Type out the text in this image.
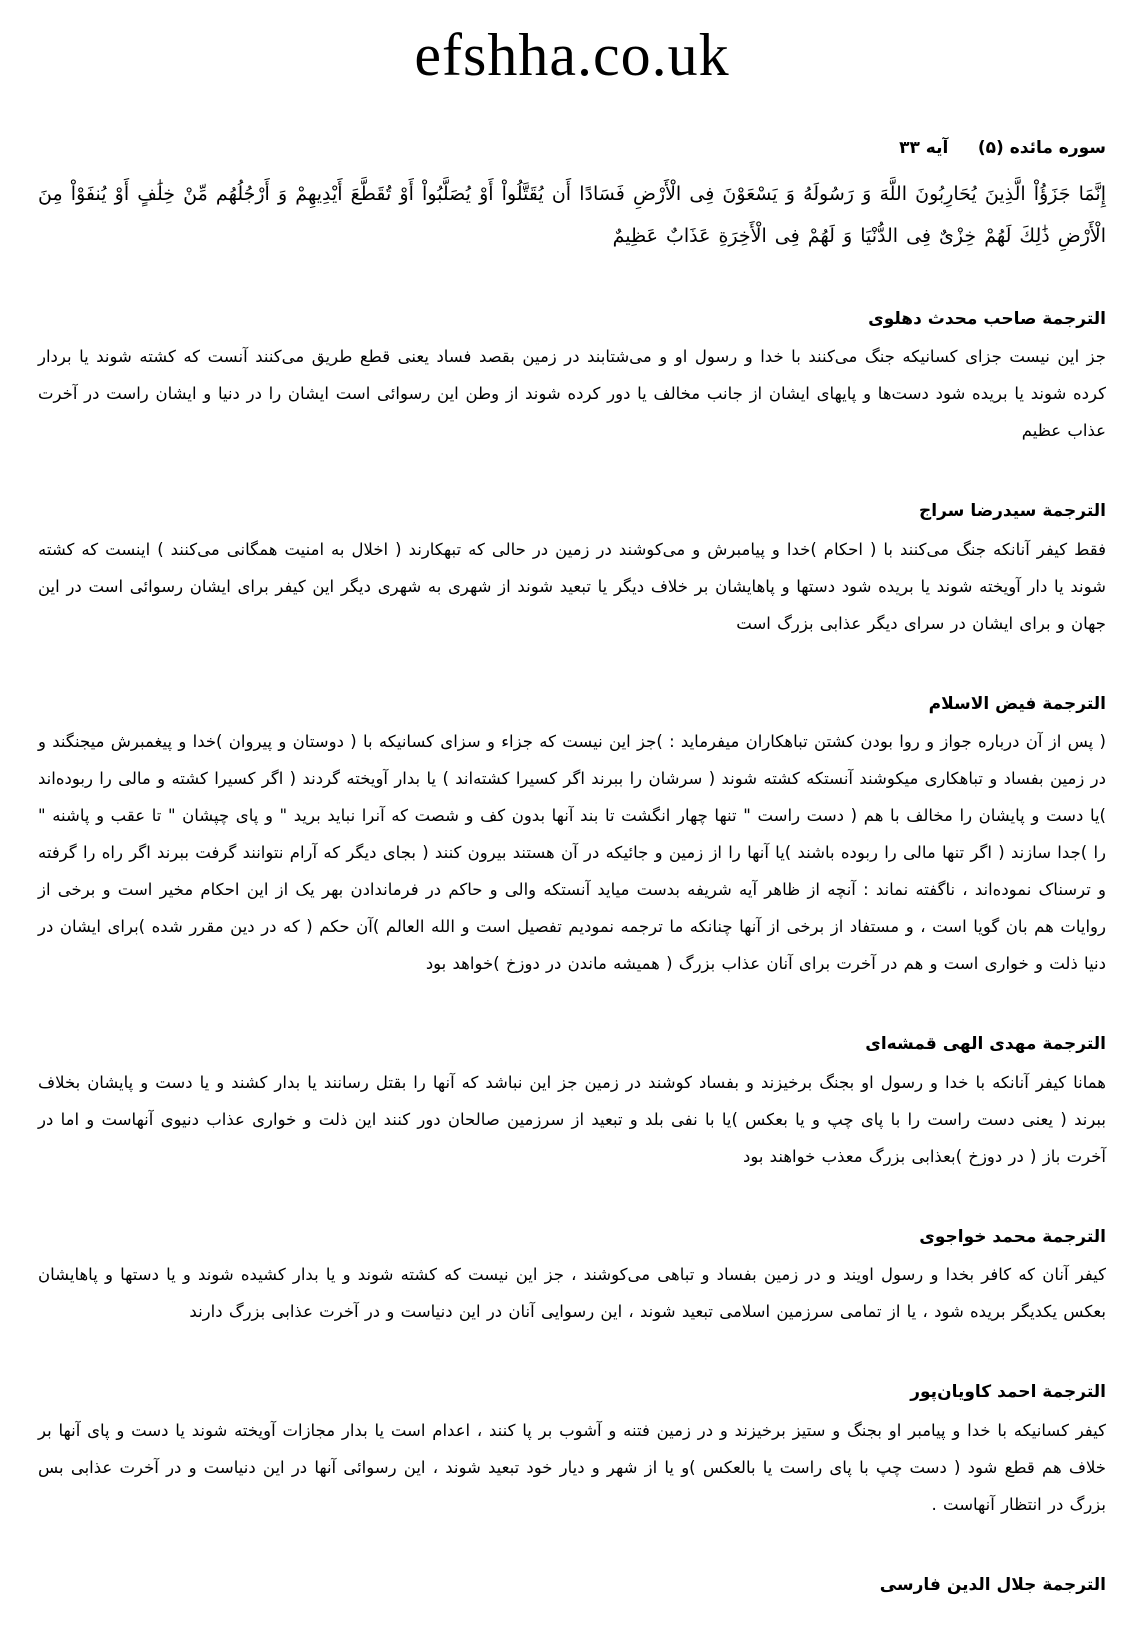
efshha.co.uk
سوره مائده (۵)     آیه ۳۳
إِنَّمَا جَزَؤُاْ الَّذِينَ يُحَارِبُونَ اللَّهَ وَ رَسُولَهُ وَ يَسْعَوْنَ فِى الْأَرْضِ فَسَادًا أَن يُقَتَّلُواْ أَوْ يُصَلَّبُواْ أَوْ تُقَطَّعَ أَيْدِيهِمْ وَ أَرْجُلُهُم مِّنْ خِلَٰفٍ أَوْ يُنفَوْاْ مِنَ الْأَرْضِ ذَٰلِكَ لَهُمْ خِزْىٌ فِى الدُّنْيَا وَ لَهُمْ فِى الْأَخِرَةِ عَذَابٌ عَظِيمٌ
الترجمة صاحب محدث دهلوی
جز این نیست جزای کسانیکه جنگ می‌کنند با خدا و رسول او و می‌شتابند در زمین بقصد فساد یعنی قطع طریق می‌کنند آنست که کشته شوند یا بردار کرده شوند یا بریده شود دست‌ها و پایهای ایشان از جانب مخالف یا دور کرده شوند از وطن این رسوائی است ایشان را در دنیا و ایشان راست در آخرت عذاب عظیم
الترجمة سیدرضا سراج
فقط کیفر آنانکه جنگ می‌کنند با ( احکام )خدا و پیامبرش و می‌کوشند در زمین در حالی که تبهکارند ( اخلال به امنیت همگانی می‌کنند ) اینست که کشته شوند یا دار آویخته شوند یا بریده شود دستها و پاهایشان بر خلاف دیگر یا تبعید شوند از شهری به شهری دیگر این کیفر برای ایشان رسوائی است در این جهان و برای ایشان در سرای دیگر عذابی بزرگ است
الترجمة فیض الاسلام
( پس از آن درباره جواز و روا بودن کشتن تباهکاران میفرماید : )جز این نیست که جزاء و سزای کسانیکه با ( دوستان و پیروان )خدا و پیغمبرش میجنگند و در زمین بفساد و تباهکاری میکوشند آنستکه کشته شوند ( سرشان را ببرند اگر کسیرا کشته‌اند ) یا بدار آویخته گردند ( اگر کسیرا کشته و مالی را ربوده‌اند )یا دست و پایشان را مخالف با هم ( دست راست " تنها چهار انگشت تا بند آنها بدون کف و شصت که آنرا نباید برید " و پای چپشان " تا عقب و پاشنه " را )جدا سازند ( اگر تنها مالی را ربوده باشند )یا آنها را از زمین و جائیکه در آن هستند بیرون کنند ( بجای دیگر که آرام نتوانند گرفت ببرند اگر راه را گرفته و ترسناک نموده‌اند ، ناگفته نماند : آنچه از ظاهر آیه شریفه بدست میاید آنستکه والی و حاکم در فرماندادن بهر یک از این احکام مخیر است و برخی از روایات هم بان گویا است ، و مستفاد از برخی از آنها چنانکه ما ترجمه نمودیم تفصیل است و الله العالم )آن حکم ( که در دین مقرر شده )برای ایشان در دنیا ذلت و خواری است و هم در آخرت برای آنان عذاب بزرگ ( همیشه ماندن در دوزخ )خواهد بود
الترجمة مهدی الهی قمشه‌ای
همانا کیفر آنانکه با خدا و رسول او بجنگ برخیزند و بفساد کوشند در زمین جز این نباشد که آنها را بقتل رسانند یا بدار کشند و یا دست و پایشان بخلاف ببرند ( یعنی دست راست را با پای چپ و یا بعکس )یا با نفی بلد و تبعید از سرزمین صالحان دور کنند این ذلت و خواری عذاب دنیوی آنهاست و اما در آخرت باز ( در دوزخ )بعذابی بزرگ معذب خواهند بود
الترجمة محمد خواجوی
کیفر آنان که کافر بخدا و رسول اویند و در زمین بفساد و تباهی می‌کوشند ، جز این نیست که کشته شوند و یا بدار کشیده شوند و یا دستها و پاهایشان بعکس یکدیگر بریده شود ، یا از تمامی سرزمین اسلامی تبعید شوند ، این رسوایی آنان در این دنیاست و در آخرت عذابی بزرگ دارند
الترجمة احمد کاویان‌پور
کیفر کسانیکه با خدا و پیامبر او بجنگ و ستیز برخیزند و در زمین فتنه و آشوب بر پا کنند ، اعدام است یا بدار مجازات آویخته شوند یا دست و پای آنها بر خلاف هم قطع شود ( دست چپ با پای راست یا بالعکس )و یا از شهر و دیار خود تبعید شوند ، این رسوائی آنها در این دنیاست و در آخرت عذابی بس بزرگ در انتظار آنهاست .
الترجمة جلال الدین فارسی
